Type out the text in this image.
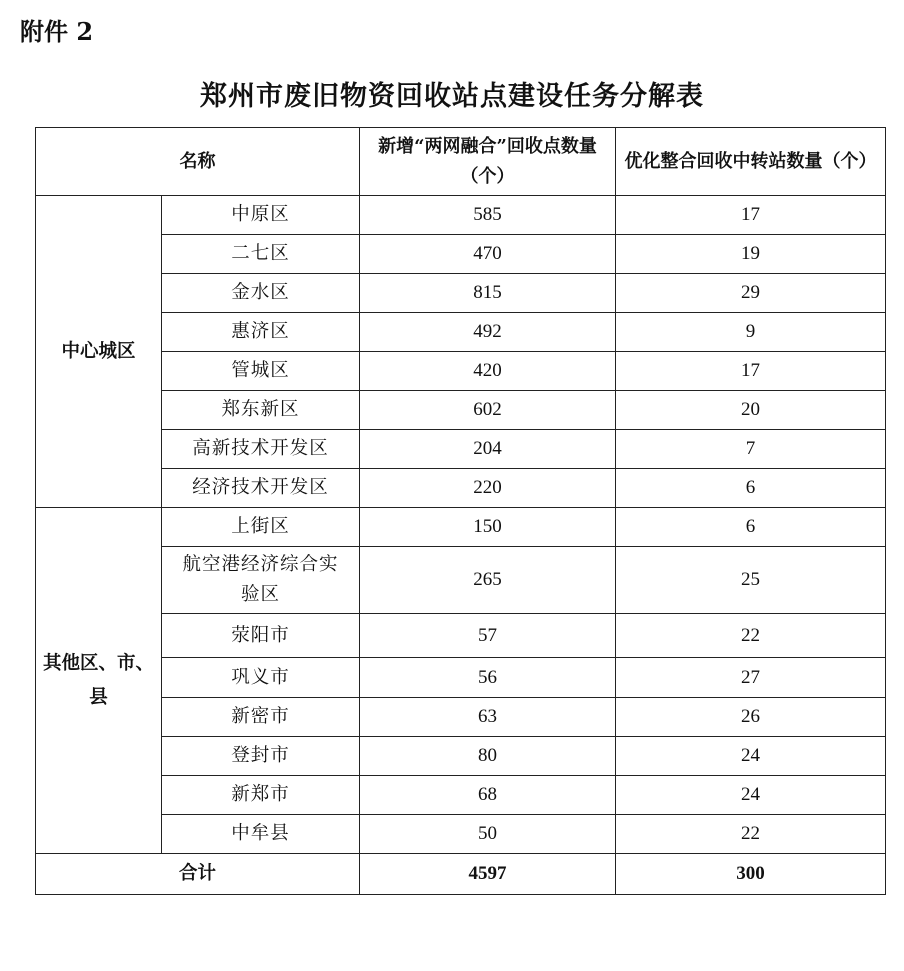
附件 2
郑州市废旧物资回收站点建设任务分解表
名称		新增“两网融合”回收点数量（个）	优化整合回收中转站数量（个）
中心城区	中原区	585	17
	二七区	470	19
	金水区	815	29
	惠济区	492	9
	管城区	420	17
	郑东新区	602	20
	高新技术开发区	204	7
	经济技术开发区	220	6
其他区、市、县	上街区	150	6
	航空港经济综合实验区	265	25
	荥阳市	57	22
	巩义市	56	27
	新密市	63	26
	登封市	80	24
	新郑市	68	24
	中牟县	50	22
合计		4597	300
